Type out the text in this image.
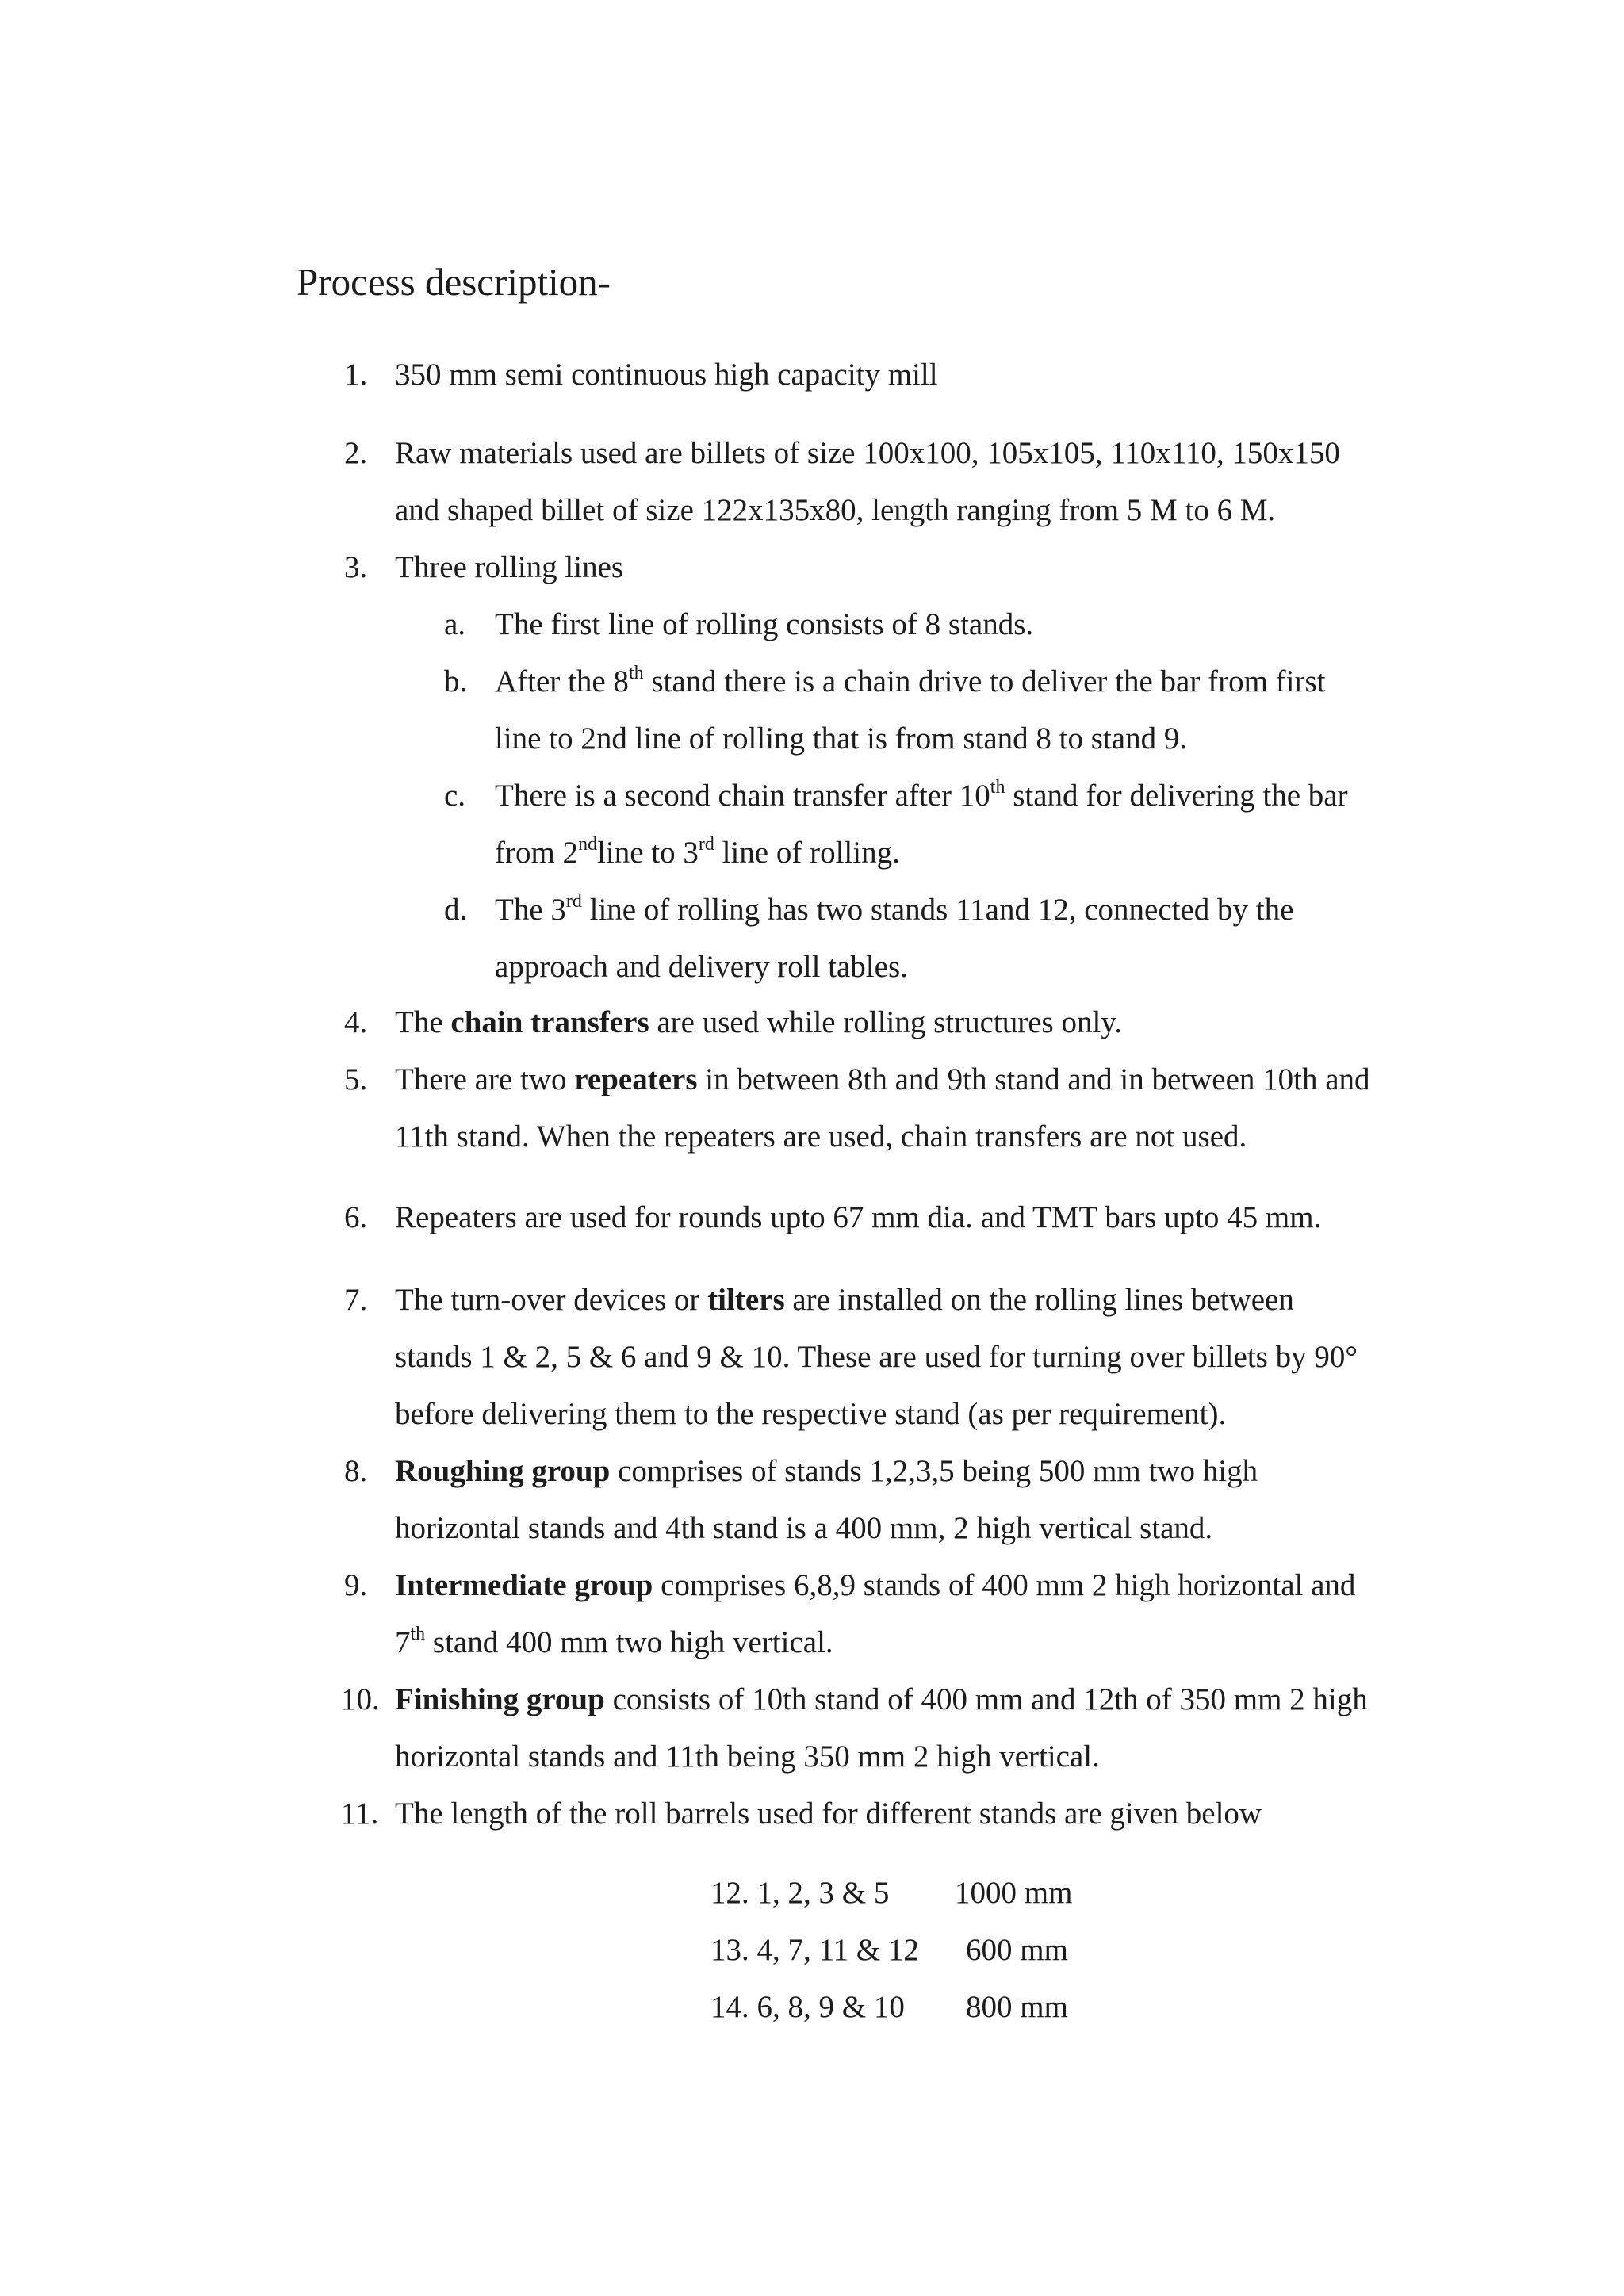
Process description-
1. 350 mm semi continuous high capacity mill
2. Raw materials used are billets of size 100x100, 105x105, 110x110, 150x150
and shaped billet of size 122x135x80, length ranging from 5 M to 6 M.
3. Three rolling lines
a. The first line of rolling consists of 8 stands.
b. After the 8th stand there is a chain drive to deliver the bar from first
line to 2nd line of rolling that is from stand 8 to stand 9.
c. There is a second chain transfer after 10th stand for delivering the bar
from 2ndline to 3rd line of rolling.
d. The 3rd line of rolling has two stands 11and 12, connected by the
approach and delivery roll tables.
4. The chain transfers are used while rolling structures only.
5. There are two repeaters in between 8th and 9th stand and in between 10th and
11th stand. When the repeaters are used, chain transfers are not used.
6. Repeaters are used for rounds upto 67 mm dia. and TMT bars upto 45 mm.
7. The turn-over devices or tilters are installed on the rolling lines between
stands 1 & 2, 5 & 6 and 9 & 10. These are used for turning over billets by 90°
before delivering them to the respective stand (as per requirement).
8. Roughing group comprises of stands 1,2,3,5 being 500 mm two high
horizontal stands and 4th stand is a 400 mm, 2 high vertical stand.
9. Intermediate group comprises 6,8,9 stands of 400 mm 2 high horizontal and
7th stand 400 mm two high vertical.
10. Finishing group consists of 10th stand of 400 mm and 12th of 350 mm 2 high
horizontal stands and 11th being 350 mm 2 high vertical.
11. The length of the roll barrels used for different stands are given below
12. 1, 2, 3 & 5 1000 mm
13. 4, 7, 11 & 12 600 mm
14. 6, 8, 9 & 10 800 mm
